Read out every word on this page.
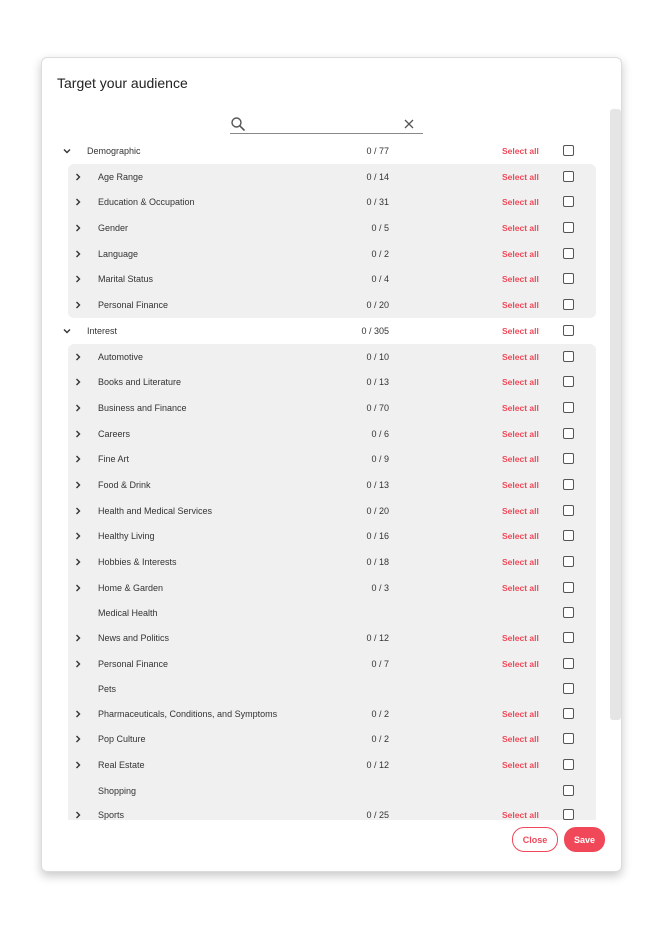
Target your audience
Demographic	0 / 77	Select all
Age Range	0 / 14	Select all
Education & Occupation	0 / 31	Select all
Gender	0 / 5	Select all
Language	0 / 2	Select all
Marital Status	0 / 4	Select all
Personal Finance	0 / 20	Select all
Interest	0 / 305	Select all
Automotive	0 / 10	Select all
Books and Literature	0 / 13	Select all
Business and Finance	0 / 70	Select all
Careers	0 / 6	Select all
Fine Art	0 / 9	Select all
Food & Drink	0 / 13	Select all
Health and Medical Services	0 / 20	Select all
Healthy Living	0 / 16	Select all
Hobbies & Interests	0 / 18	Select all
Home & Garden	0 / 3	Select all
Medical Health
News and Politics	0 / 12	Select all
Personal Finance	0 / 7	Select all
Pets
Pharmaceuticals, Conditions, and Symptoms	0 / 2	Select all
Pop Culture	0 / 2	Select all
Real Estate	0 / 12	Select all
Shopping
Sports	0 / 25	Select all
Close	Save
